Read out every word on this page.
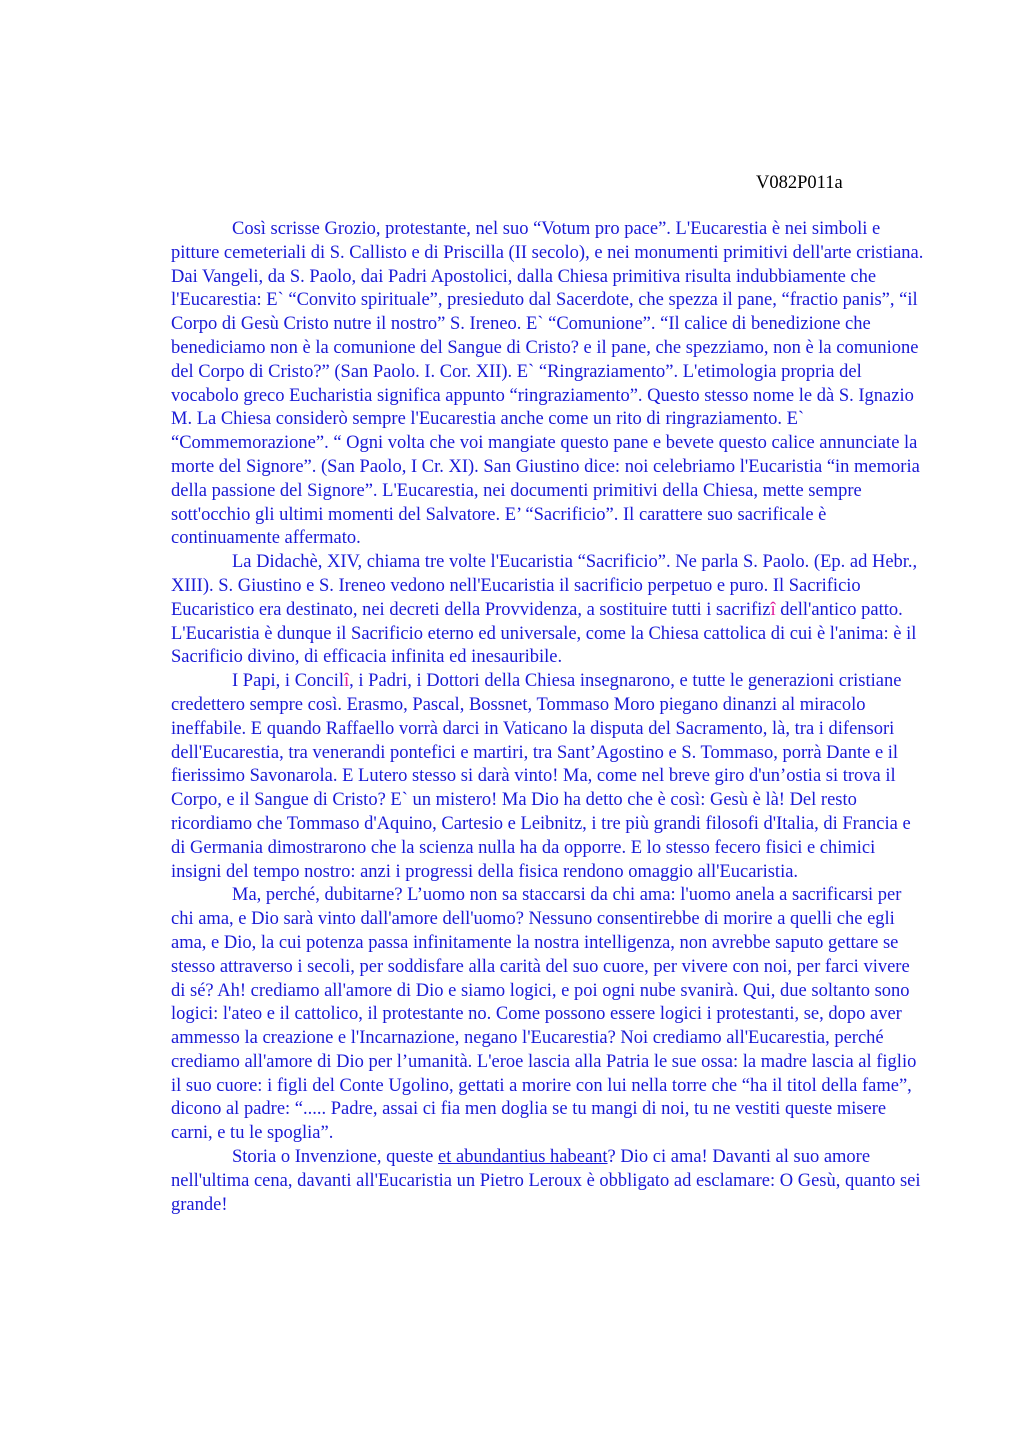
V082P011a

Così scrisse Grozio, protestante, nel suo “Votum pro pace”. L'Eucarestia è nei simboli e pitture cemeteriali di S. Callisto e di Priscilla (II secolo), e nei monumenti primitivi dell'arte cristiana. Dai Vangeli, da S. Paolo, dai Padri Apostolici, dalla Chiesa primitiva risulta indubbiamente che l'Eucarestia: E` “Convito spirituale”, presieduto dal Sacerdote, che spezza il pane, “fractio panis”, “il Corpo di Gesù Cristo nutre il nostro” S. Ireneo. E` “Comunione”. “Il calice di benedizione che benediciamo non è la comunione del Sangue di Cristo? e il pane, che spezziamo, non è la comunione del Corpo di Cristo?” (San Paolo. I. Cor. XII). E` “Ringraziamento”. L'etimologia propria del vocabolo greco Eucharistia significa appunto “ringraziamento”. Questo stesso nome le dà S. Ignazio M. La Chiesa considerò sempre l'Eucarestia anche come un rito di ringraziamento. E` “Commemorazione”. “ Ogni volta che voi mangiate questo pane e bevete questo calice annunciate la morte del Signore”. (San Paolo, I Cr. XI). San Giustino dice: noi celebriamo l'Eucaristia “in memoria della passione del Signore”. L'Eucarestia, nei documenti primitivi della Chiesa, mette sempre sott'occhio gli ultimi momenti del Salvatore. E’ “Sacrificio”. Il carattere suo sacrificale è continuamente affermato.

La Didachè, XIV, chiama tre volte l'Eucaristia “Sacrificio”. Ne parla S. Paolo. (Ep. ad Hebr., XIII). S. Giustino e S. Ireneo vedono nell'Eucaristia il sacrificio perpetuo e puro. Il Sacrificio Eucaristico era destinato, nei decreti della Provvidenza, a sostituire tutti i sacrifizî dell'antico patto. L'Eucaristia è dunque il Sacrificio eterno ed universale, come la Chiesa cattolica di cui è l'anima: è il Sacrificio divino, di efficacia infinita ed inesauribile.

I Papi, i Concilî, i Padri, i Dottori della Chiesa insegnarono, e tutte le generazioni cristiane credettero sempre così. Erasmo, Pascal, Bossnet, Tommaso Moro piegano dinanzi al miracolo ineffabile. E quando Raffaello vorrà darci in Vaticano la disputa del Sacramento, là, tra i difensori dell'Eucarestia, tra venerandi pontefici e martiri, tra Sant’Agostino e S. Tommaso, porrà Dante e il fierissimo Savonarola. E Lutero stesso si darà vinto! Ma, come nel breve giro d'un’ostia si trova il Corpo, e il Sangue di Cristo? E` un mistero! Ma Dio ha detto che è così: Gesù è là! Del resto ricordiamo che Tommaso d'Aquino, Cartesio e Leibnitz, i tre più grandi filosofi d'Italia, di Francia e di Germania dimostrarono che la scienza nulla ha da opporre. E lo stesso fecero fisici e chimici insigni del tempo nostro: anzi i progressi della fisica rendono omaggio all'Eucaristia.

Ma, perché, dubitarne? L’uomo non sa staccarsi da chi ama: l'uomo anela a sacrificarsi per chi ama, e Dio sarà vinto dall'amore dell'uomo? Nessuno consentirebbe di morire a quelli che egli ama, e Dio, la cui potenza passa infinitamente la nostra intelligenza, non avrebbe saputo gettare se stesso attraverso i secoli, per soddisfare alla carità del suo cuore, per vivere con noi, per farci vivere di sé? Ah! crediamo all'amore di Dio e siamo logici, e poi ogni nube svanirà. Qui, due soltanto sono logici: l'ateo e il cattolico, il protestante no. Come possono essere logici i protestanti, se, dopo aver ammesso la creazione e l'Incarnazione, negano l'Eucarestia? Noi crediamo all'Eucarestia, perché crediamo all'amore di Dio per l’umanità. L'eroe lascia alla Patria le sue ossa: la madre lascia al figlio il suo cuore: i figli del Conte Ugolino, gettati a morire con lui nella torre che “ha il titol della fame”, dicono al padre: “..... Padre, assai ci fia men doglia se tu mangi di noi, tu ne vestiti queste misere carni, e tu le spoglia”.

Storia o Invenzione, queste et abundantius habeant? Dio ci ama! Davanti al suo amore nell'ultima cena, davanti all'Eucaristia un Pietro Leroux è obbligato ad esclamare: O Gesù, quanto sei grande!
